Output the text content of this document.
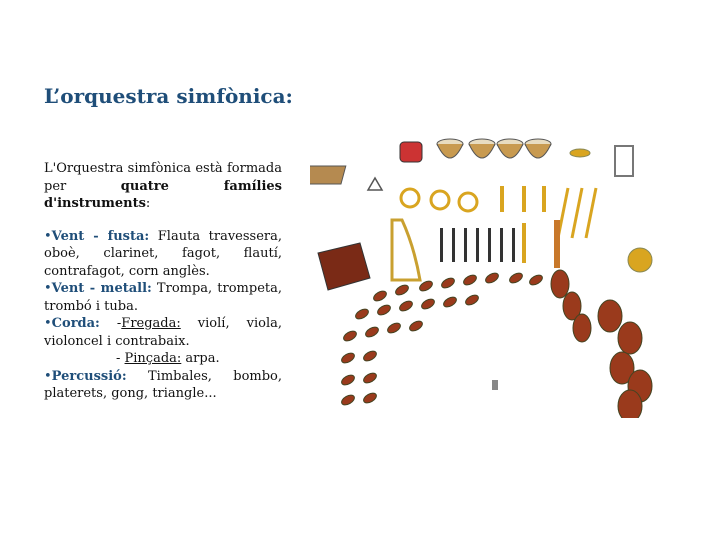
L’orquestra simfònica:

L'Orquestra simfònica està formada per quatre famílies d'instruments:

•Vent - fusta: Flauta travessera, oboè, clarinet, fagot, flautí, contrafagot, corn anglès.

•Vent - metall: Trompa, trompeta, trombó i tuba.

•Corda: -Fregada: violí, viola, violoncel i contrabaix.

- Pinçada: arpa.

•Percussió: Timbales, bombo, platerets, gong, triangle...
